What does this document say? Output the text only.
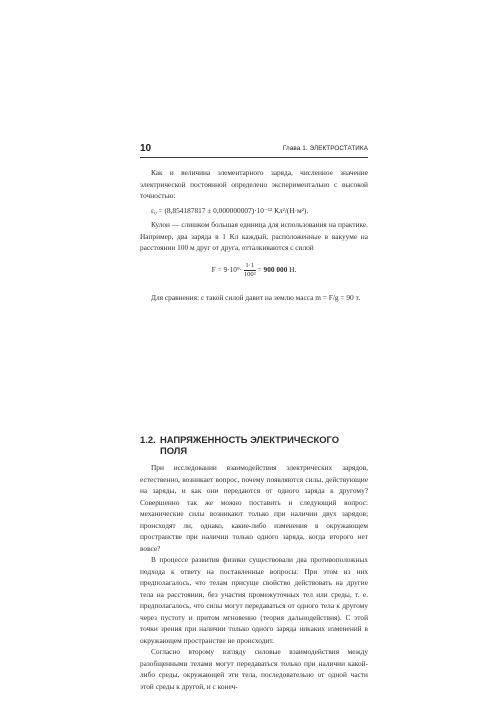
10	Глава 1. ЭЛЕКТРОСТАТИКА

Как и величина элементарного заряда, численное значение электрической постоянной определено экспериментально с высокой точностью:

ε₀ = (8,854187817 ± 0,000000007)·10⁻¹² Кл²/(Н·м²).

Кулон — слишком большая единица для использования на практике. Например, два заряда в 1 Кл каждый, расположенные в вакууме на расстоянии 100 м друг от друга, отталкиваются с силой

$F = 9\cdot 10^9\cdot \frac{1\cdot 1}{\text{100²}} = 900$ 000 Н.

Для сравнения: с такой силой давит на землю масса m = F/g = 90 т.

1.2. НАПРЯЖЕННОСТЬ ЭЛЕКТРИЧЕСКОГО
ПОЛЯ

При исследовании взаимодействия электрических зарядов, естественно, возникает вопрос, почему появляются силы, действующие на заряды, и как они передаются от одного заряда к другому? Совершенно так же можно поставить и следующий вопрос: механические силы возникают только при наличии двух зарядов; происходят ли, однако, какие-либо изменения в окружающем пространстве при наличии только одного заряда, когда второго нет вовсе?

В процессе развития физики существовали два противоположных подхода к ответу на поставленные вопросы. При этом из них предполагалось, что телам присуще свойство действовать на другие тела на расстоянии, без участия промежуточных тел или среды, т. е. предполагалось, что силы могут передаваться от одного тела к другому через пустоту и притом мгновенно (теория дальнодействия). С этой точки зрения при наличии только одного заряда никаких изменений в окружающем пространстве не происходит.

Согласно второму взгляду силовые взаимодействия между разобщенными телами могут передаваться только при наличии какой-либо среды, окружающей эти тела, последовательно от одной части этой среды к другой, и с конеч-
